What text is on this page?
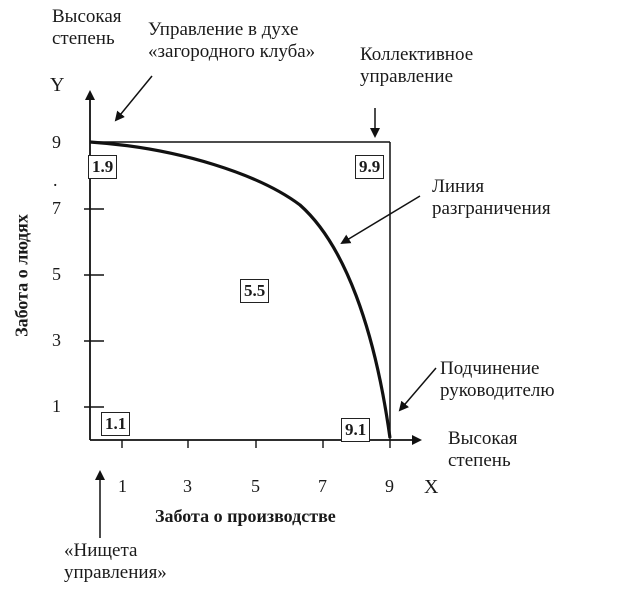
Высокая
степень	Управление в духе
«загородного клуба» Коллективное
управление
Линия
разграничения
Подчинение
руководителю
Высокая
степень
«Нищета
управления»
Y
X
9
.
7
5
3
1
1	3	5	7	9
Забота о людях
Забота о производстве
1.9	9.9
5.5
1.1	9.1
